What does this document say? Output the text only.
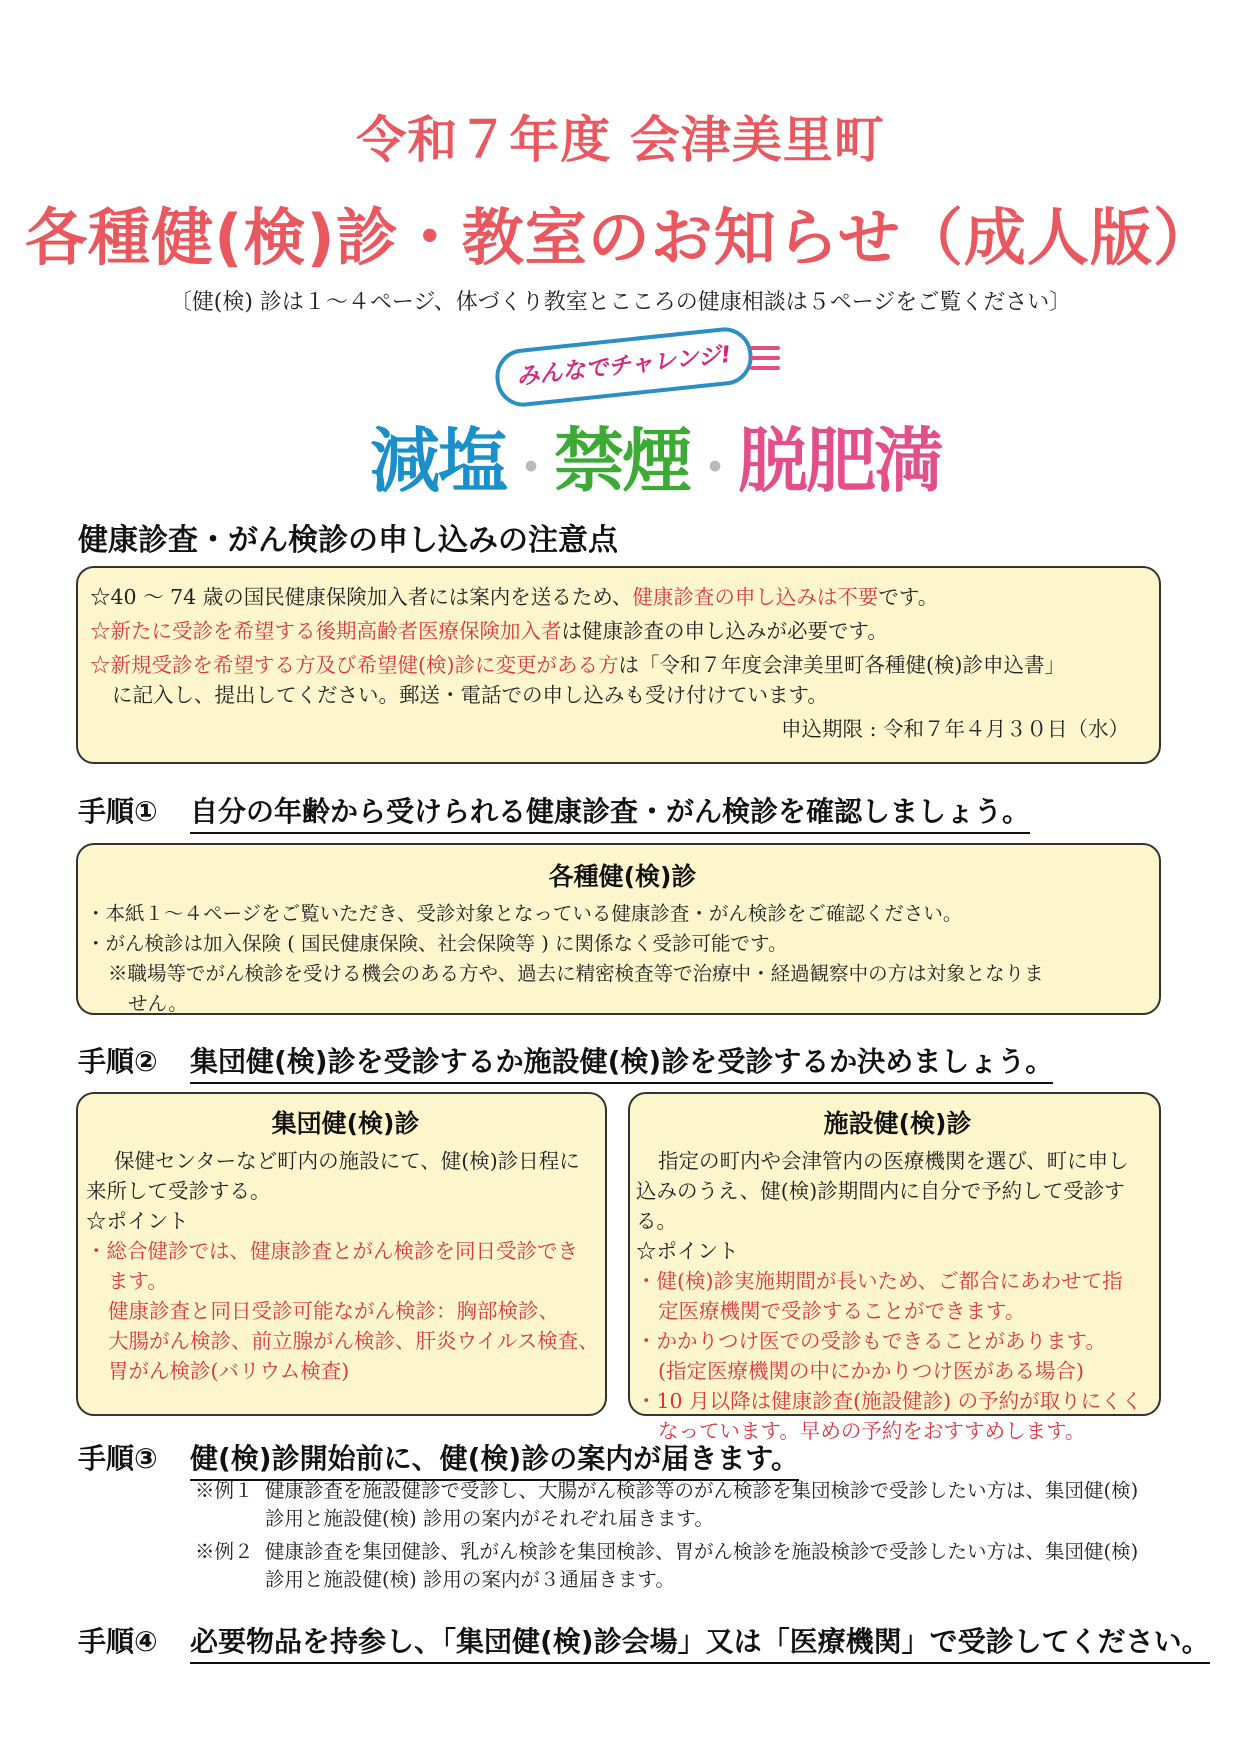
令和７年度 会津美里町
各種健(検)診・教室のお知らせ（成人版）
〔健(検) 診は１～４ページ、体づくり教室とこころの健康相談は５ページをご覧ください〕
みんなでチャレンジ!
減塩・禁煙・脱肥満
健康診査・がん検診の申し込みの注意点

☆40 ～ 74 歳の国民健康保険加入者には案内を送るため、健康診査の申し込みは不要です。

☆新たに受診を希望する後期高齢者医療保険加入者は健康診査の申し込みが必要です。

☆新規受診を希望する方及び希望健(検)診に変更がある方は「令和７年度会津美里町各種健(検)診申込書」

に記入し、提出してください。郵送・電話での申し込みも受け付けています。

申込期限 : 令和７年４月３０日（水）

手順① 自分の年齢から受けられる健康診査・がん検診を確認しましょう。
各種健(検)診

・本紙１～４ページをご覧いただき、受診対象となっている健康診査・がん検診をご確認ください。

・がん検診は加入保険 ( 国民健康保険、社会保険等 ) に関係なく受診可能です。

※職場等でがん検診を受ける機会のある方や、過去に精密検査等で治療中・経過観察中の方は対象となりま

せん。

手順② 集団健(検)診を受診するか施設健(検)診を受診するか決めましょう。
集団健(検)診

保健センターなど町内の施設にて、健(検)診日程に

来所して受診する。

☆ポイント

・総合健診では、健康診査とがん検診を同日受診でき

ます。

健康診査と同日受診可能ながん検診：胸部検診、

大腸がん検診、前立腺がん検診、肝炎ウイルス検査、

胃がん検診(バリウム検査)

施設健(検)診

指定の町内や会津管内の医療機関を選び、町に申し

込みのうえ、健(検)診期間内に自分で予約して受診する。

☆ポイント

・健(検)診実施期間が長いため、ご都合にあわせて指

定医療機関で受診することができます。

・かかりつけ医での受診もできることがあります。

(指定医療機関の中にかかりつけ医がある場合)

・10 月以降は健康診査(施設健診) の予約が取りにくく

なっています。早めの予約をおすすめします。

手順③ 健(検)診開始前に、健(検)診の案内が届きます。
※例１ 健康診査を施設健診で受診し、大腸がん検診等のがん検診を集団検診で受診したい方は、集団健(検)
診用と施設健(検) 診用の案内がそれぞれ届きます。
※例２ 健康診査を集団健診、乳がん検診を集団検診、胃がん検診を施設検診で受診したい方は、集団健(検)
診用と施設健(検) 診用の案内が３通届きます。
手順④ 必要物品を持参し、「集団健(検)診会場」又は「医療機関」で受診してください。
